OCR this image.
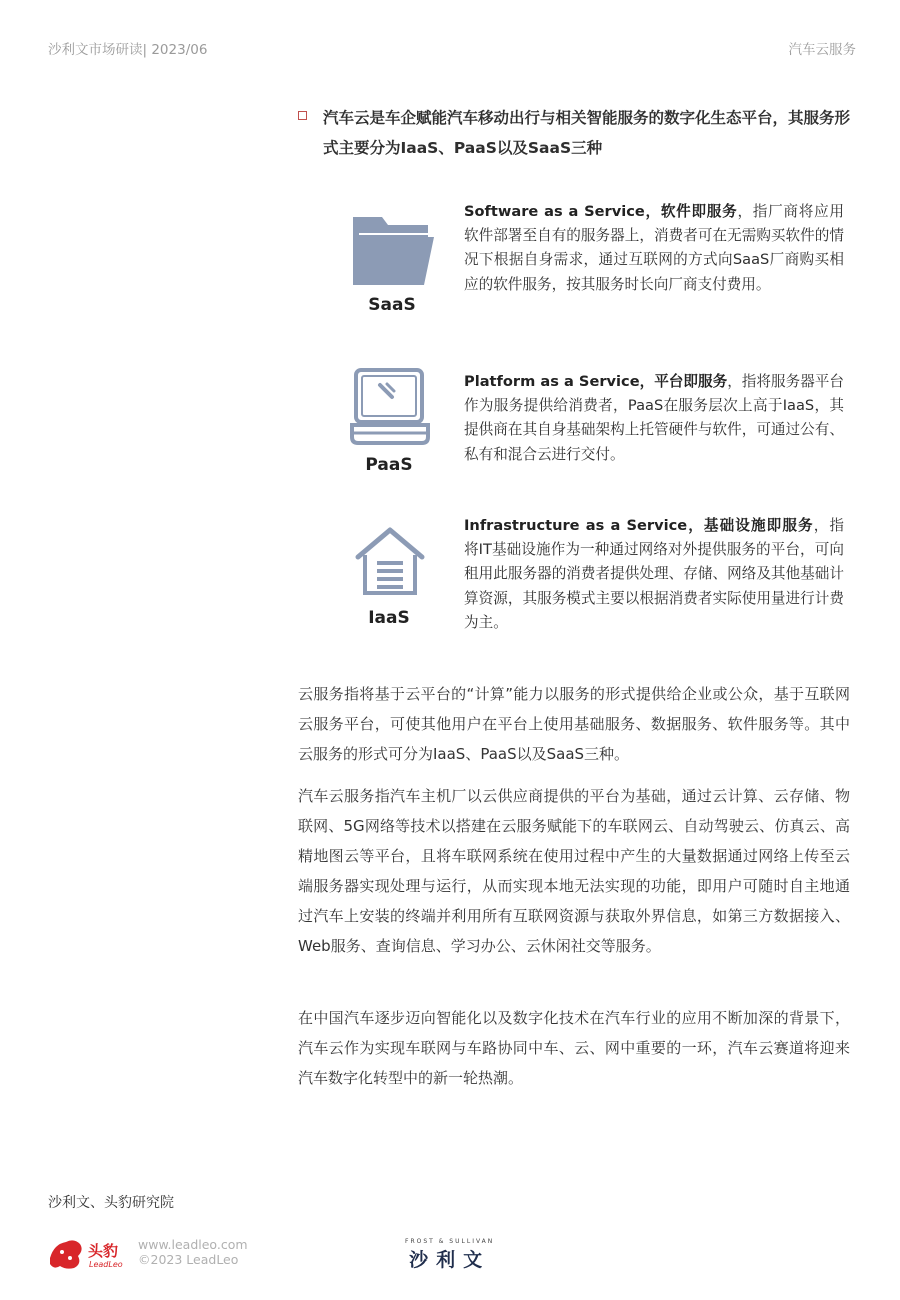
沙利文市场研读| 2023/06	汽车云服务
汽车云是车企赋能汽车移动出行与相关智能服务的数字化生态平台，其服务形式主要分为IaaS、PaaS以及SaaS三种
SaaS
Software as a Service，软件即服务，指厂商将应用软件部署至自有的服务器上，消费者可在无需购买软件的情况下根据自身需求，通过互联网的方式向SaaS厂商购买相应的软件服务，按其服务时长向厂商支付费用。
PaaS
Platform as a Service，平台即服务，指将服务器平台作为服务提供给消费者，PaaS在服务层次上高于IaaS，其提供商在其自身基础架构上托管硬件与软件，可通过公有、私有和混合云进行交付。
IaaS
Infrastructure as a Service，基础设施即服务，指将IT基础设施作为一种通过网络对外提供服务的平台，可向租用此服务器的消费者提供处理、存储、网络及其他基础计算资源，其服务模式主要以根据消费者实际使用量进行计费为主。
云服务指将基于云平台的“计算”能力以服务的形式提供给企业或公众，基于互联网云服务平台，可使其他用户在平台上使用基础服务、数据服务、软件服务等。其中云服务的形式可分为IaaS、PaaS以及SaaS三种。
汽车云服务指汽车主机厂以云供应商提供的平台为基础，通过云计算、云存储、物联网、5G网络等技术以搭建在云服务赋能下的车联网云、自动驾驶云、仿真云、高精地图云等平台，且将车联网系统在使用过程中产生的大量数据通过网络上传至云端服务器实现处理与运行，从而实现本地无法实现的功能，即用户可随时自主地通过汽车上安装的终端并利用所有互联网资源与获取外界信息，如第三方数据接入、Web服务、查询信息、学习办公、云休闲社交等服务。
在中国汽车逐步迈向智能化以及数字化技术在汽车行业的应用不断加深的背景下，汽车云作为实现车联网与车路协同中车、云、网中重要的一环，汽车云赛道将迎来汽车数字化转型中的新一轮热潮。
沙利文、头豹研究院
头豹
LeadLeo
www.leadleo.com
©2023 LeadLeo
FROST & SULLIVAN
沙利文
